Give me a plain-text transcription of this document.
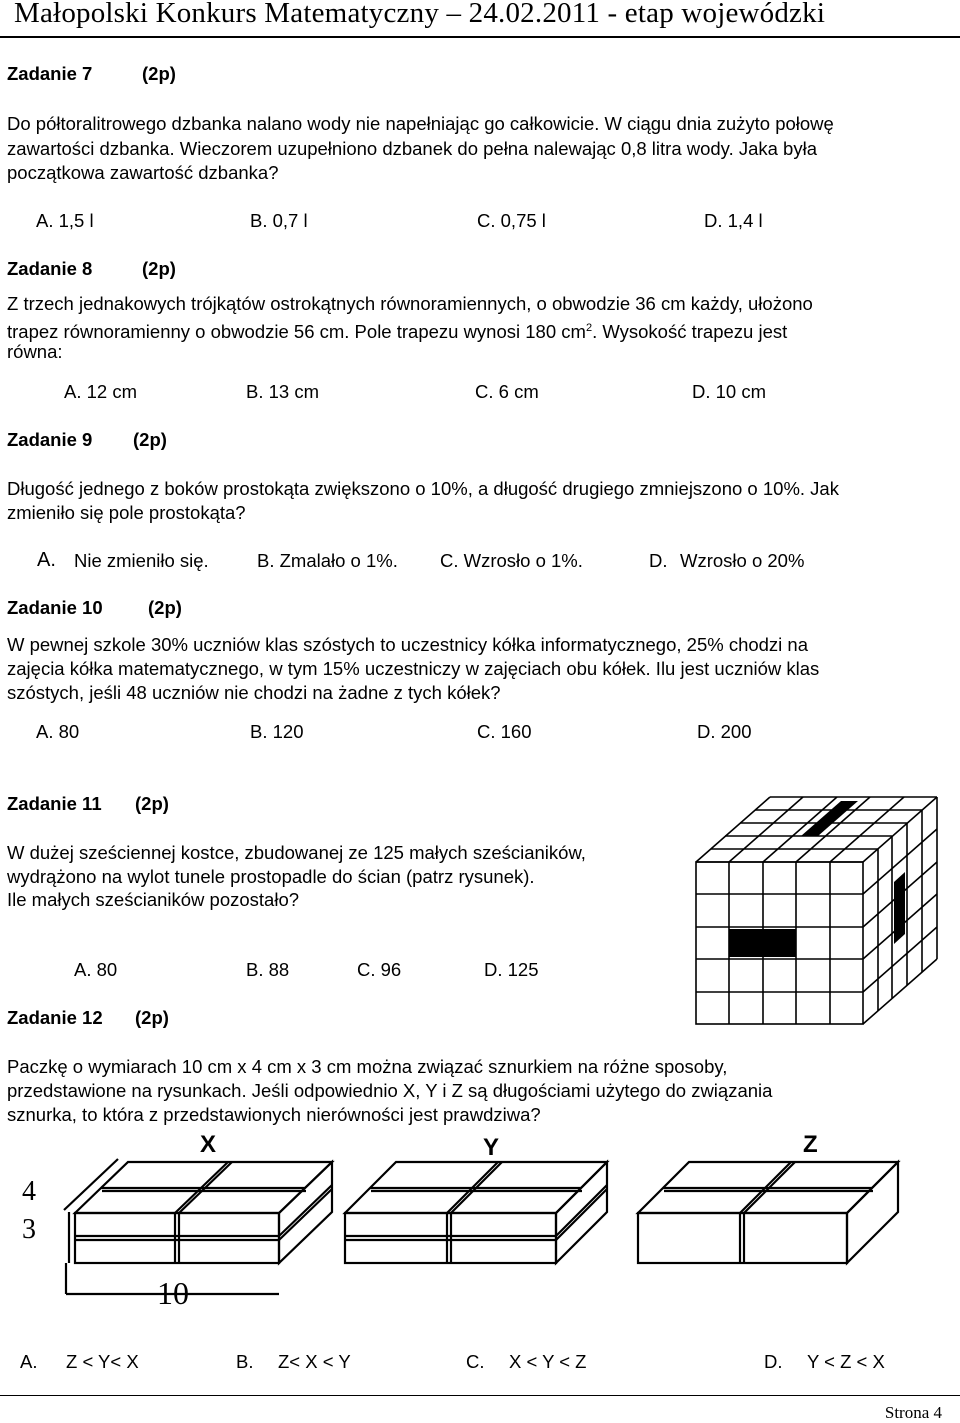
Małopolski Konkurs Matematyczny – 24.02.2011 - etap wojewódzki
Zadanie 7	(2p)
Do półtoralitrowego dzbanka nalano wody nie napełniając go całkowicie. W ciągu dnia zużyto połowę
zawartości dzbanka. Wieczorem uzupełniono dzbanek do pełna nalewając 0,8 litra wody. Jaka była
początkowa zawartość dzbanka?
A. 1,5 l	B. 0,7 l	C. 0,75 l	D. 1,4 l
Zadanie 8	(2p)
Z trzech jednakowych trójkątów ostrokątnych równoramiennych, o obwodzie 36 cm każdy, ułożono
trapez równoramienny o obwodzie 56 cm. Pole trapezu wynosi 180 $cm^2$. Wysokość trapezu jest
równa:
A. 12 cm	B. 13 cm	C. 6 cm	D. 10 cm
Zadanie 9 (2p)
Długość jednego z boków prostokąta zwiększono o 10%, a długość drugiego zmniejszono o 10%. Jak
zmieniło się pole prostokąta?
A. Nie zmieniło się.	B. Zmalało o 1%. C. Wzrosło o 1%.	D. Wzrosło o 20%
Zadanie 10 (2p)
W pewnej szkole 30% uczniów klas szóstych to uczestnicy kółka informatycznego, 25% chodzi na
zajęcia kółka matematycznego, w tym 15% uczestniczy w zajęciach obu kółek. Ilu jest uczniów klas
szóstych, jeśli 48 uczniów nie chodzi na żadne z tych kółek?
A. 80	B. 120	C. 160	D. 200
Zadanie 11 (2p)
W dużej sześciennej kostce, zbudowanej ze 125 małych sześcianików,
wydrążono na wylot tunele prostopadle do ścian (patrz rysunek).
Ile małych sześcianików pozostało?
A. 80	B. 88	C. 96	D. 125
Zadanie 12 (2p)
Paczkę o wymiarach 10 cm x 4 cm x 3 cm można związać sznurkiem na różne sposoby,
przedstawione na rysunkach. Jeśli odpowiednio X, Y i Z są długościami użytego do związania
sznurka, to która z przedstawionych nierówności jest prawdziwa?
X	Y	Z
4
3
10
A. Z < Y< X	B. Z< X < Y	C. X < Y < Z	D. Y < Z < X
Strona 4
